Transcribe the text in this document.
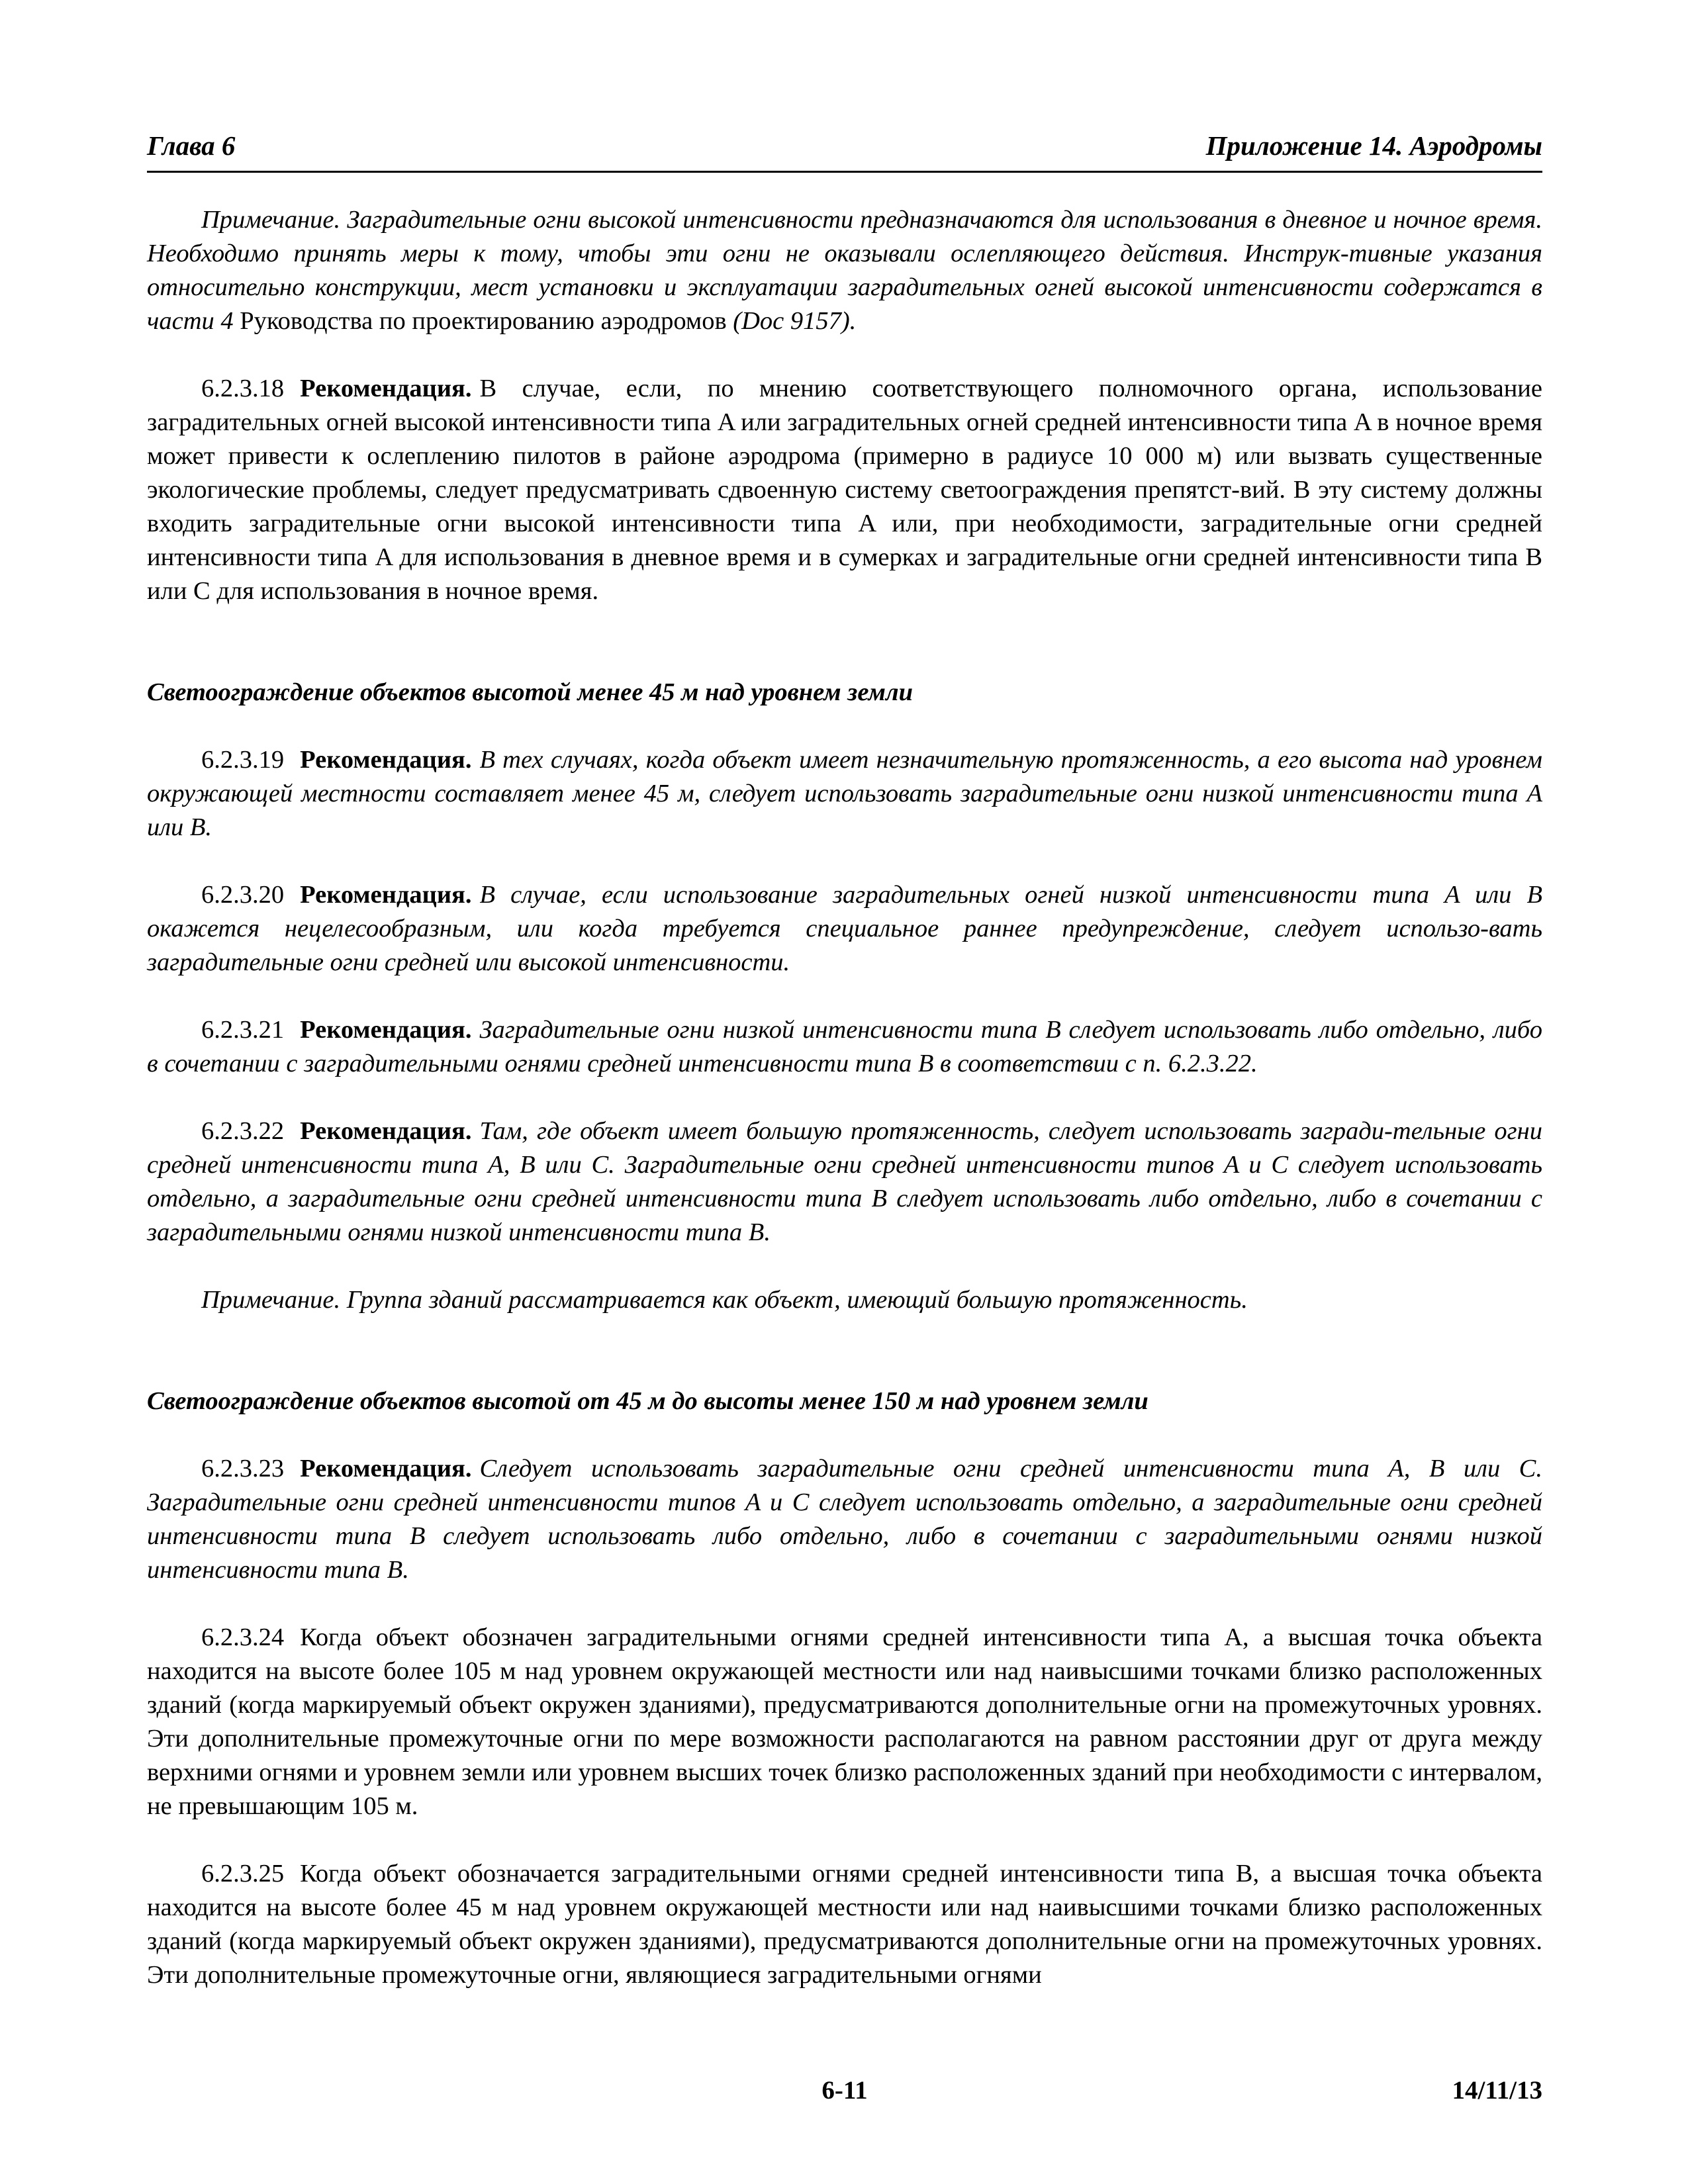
Глава 6	Приложение 14. Аэродромы

Примечание. Заградительные огни высокой интенсивности предназначаются для использования в дневное и ночное время. Необходимо принять меры к тому, чтобы эти огни не оказывали ослепляющего действия. Инструк-тивные указания относительно конструкции, мест установки и эксплуатации заградительных огней высокой интенсивности содержатся в части 4 Руководства по проектированию аэродромов (Doc 9157).

6.2.3.18 Рекомендация. В случае, если, по мнению соответствующего полномочного органа, использование заградительных огней высокой интенсивности типа A или заградительных огней средней интенсивности типа A в ночное время может привести к ослеплению пилотов в районе аэродрома (примерно в радиусе 10 000 м) или вызвать существенные экологические проблемы, следует предусматривать сдвоенную систему светоограждения препятст-вий. В эту систему должны входить заградительные огни высокой интенсивности типа A или, при необходимости, заградительные огни средней интенсивности типа A для использования в дневное время и в сумерках и заградительные огни средней интенсивности типа B или C для использования в ночное время.

Светоограждение объектов высотой менее 45 м над уровнем земли

6.2.3.19 Рекомендация. В тех случаях, когда объект имеет незначительную протяженность, а его высота над уровнем окружающей местности составляет менее 45 м, следует использовать заградительные огни низкой интенсивности типа A или B.

6.2.3.20 Рекомендация. В случае, если использование заградительных огней низкой интенсивности типа A или B окажется нецелесообразным, или когда требуется специальное раннее предупреждение, следует использо-вать заградительные огни средней или высокой интенсивности.

6.2.3.21 Рекомендация. Заградительные огни низкой интенсивности типа B следует использовать либо отдельно, либо в сочетании с заградительными огнями средней интенсивности типа B в соответствии с п. 6.2.3.22.

6.2.3.22 Рекомендация. Там, где объект имеет большую протяженность, следует использовать загради-тельные огни средней интенсивности типа A, B или C. Заградительные огни средней интенсивности типов A и C следует использовать отдельно, а заградительные огни средней интенсивности типа B следует использовать либо отдельно, либо в сочетании с заградительными огнями низкой интенсивности типа B.

Примечание. Группа зданий рассматривается как объект, имеющий большую протяженность.

Светоограждение объектов высотой от 45 м до высоты менее 150 м над уровнем земли

6.2.3.23 Рекомендация. Следует использовать заградительные огни средней интенсивности типа A, B или C. Заградительные огни средней интенсивности типов A и C следует использовать отдельно, а заградительные огни средней интенсивности типа B следует использовать либо отдельно, либо в сочетании с заградительными огнями низкой интенсивности типа B.

6.2.3.24 Когда объект обозначен заградительными огнями средней интенсивности типа A, а высшая точка объекта находится на высоте более 105 м над уровнем окружающей местности или над наивысшими точками близко расположенных зданий (когда маркируемый объект окружен зданиями), предусматриваются дополнительные огни на промежуточных уровнях. Эти дополнительные промежуточные огни по мере возможности располагаются на равном расстоянии друг от друга между верхними огнями и уровнем земли или уровнем высших точек близко расположенных зданий при необходимости с интервалом, не превышающим 105 м.

6.2.3.25 Когда объект обозначается заградительными огнями средней интенсивности типа B, а высшая точка объекта находится на высоте более 45 м над уровнем окружающей местности или над наивысшими точками близко расположенных зданий (когда маркируемый объект окружен зданиями), предусматриваются дополнительные огни на промежуточных уровнях. Эти дополнительные промежуточные огни, являющиеся заградительными огнями

6-11	14/11/13
